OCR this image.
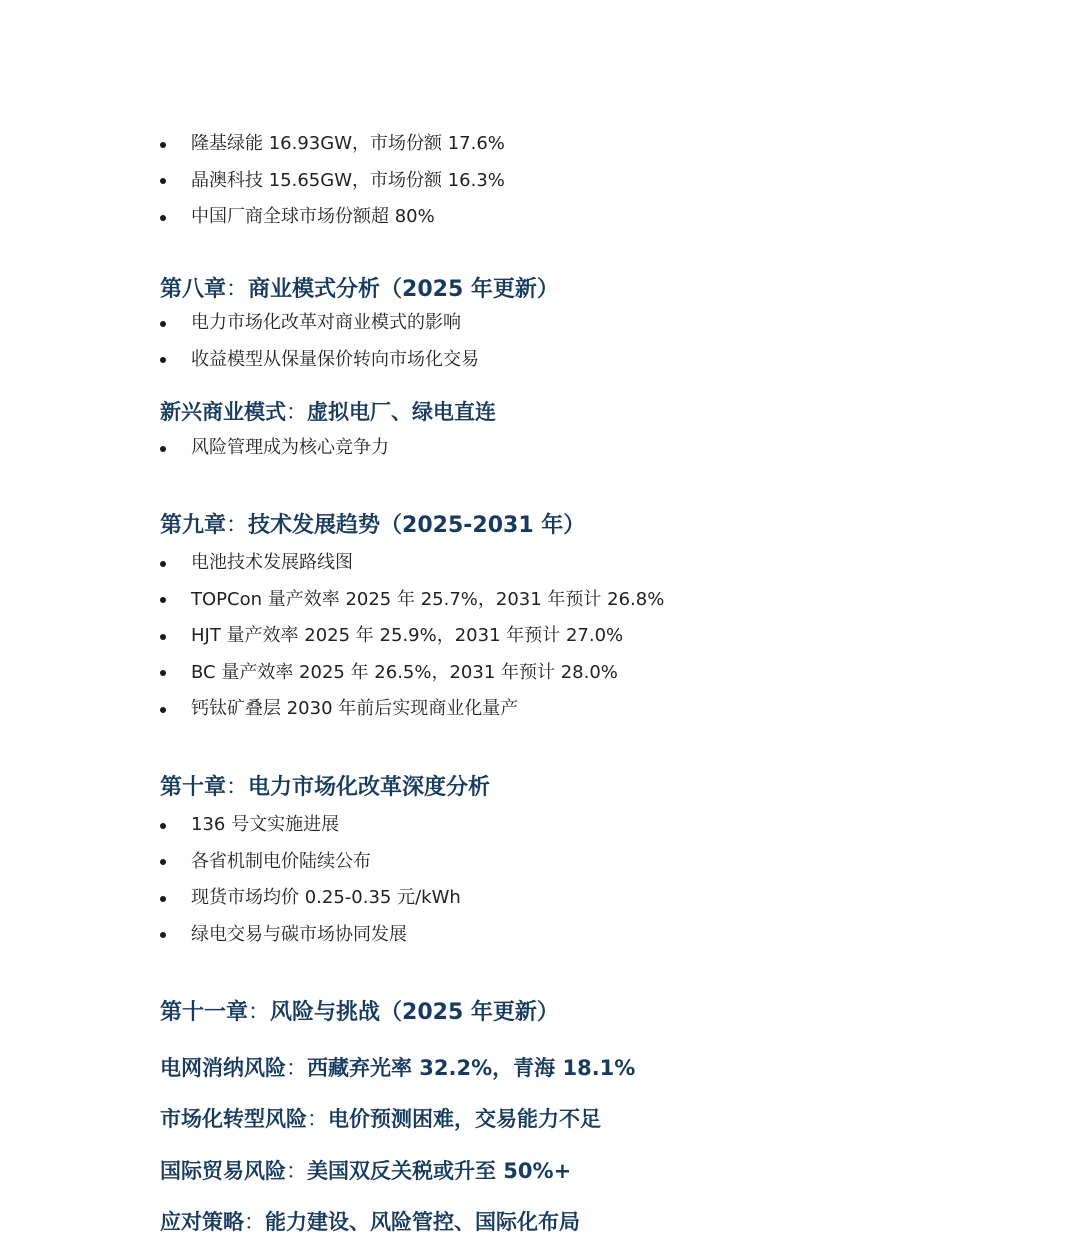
隆基绿能 16.93GW，市场份额 17.6%
晶澳科技 15.65GW，市场份额 16.3%
中国厂商全球市场份额超 80%
第八章：商业模式分析（2025 年更新）
电力市场化改革对商业模式的影响
收益模型从保量保价转向市场化交易
新兴商业模式：虚拟电厂、绿电直连
风险管理成为核心竞争力
第九章：技术发展趋势（2025-2031 年）
电池技术发展路线图
TOPCon 量产效率 2025 年 25.7%，2031 年预计 26.8%
HJT 量产效率 2025 年 25.9%，2031 年预计 27.0%
BC 量产效率 2025 年 26.5%，2031 年预计 28.0%
钙钛矿叠层 2030 年前后实现商业化量产
第十章：电力市场化改革深度分析
136 号文实施进展
各省机制电价陆续公布
现货市场均价 0.25-0.35 元/kWh
绿电交易与碳市场协同发展
第十一章：风险与挑战（2025 年更新）
电网消纳风险：西藏弃光率 32.2%，青海 18.1%
市场化转型风险：电价预测困难，交易能力不足
国际贸易风险：美国双反关税或升至 50%+
应对策略：能力建设、风险管控、国际化布局
